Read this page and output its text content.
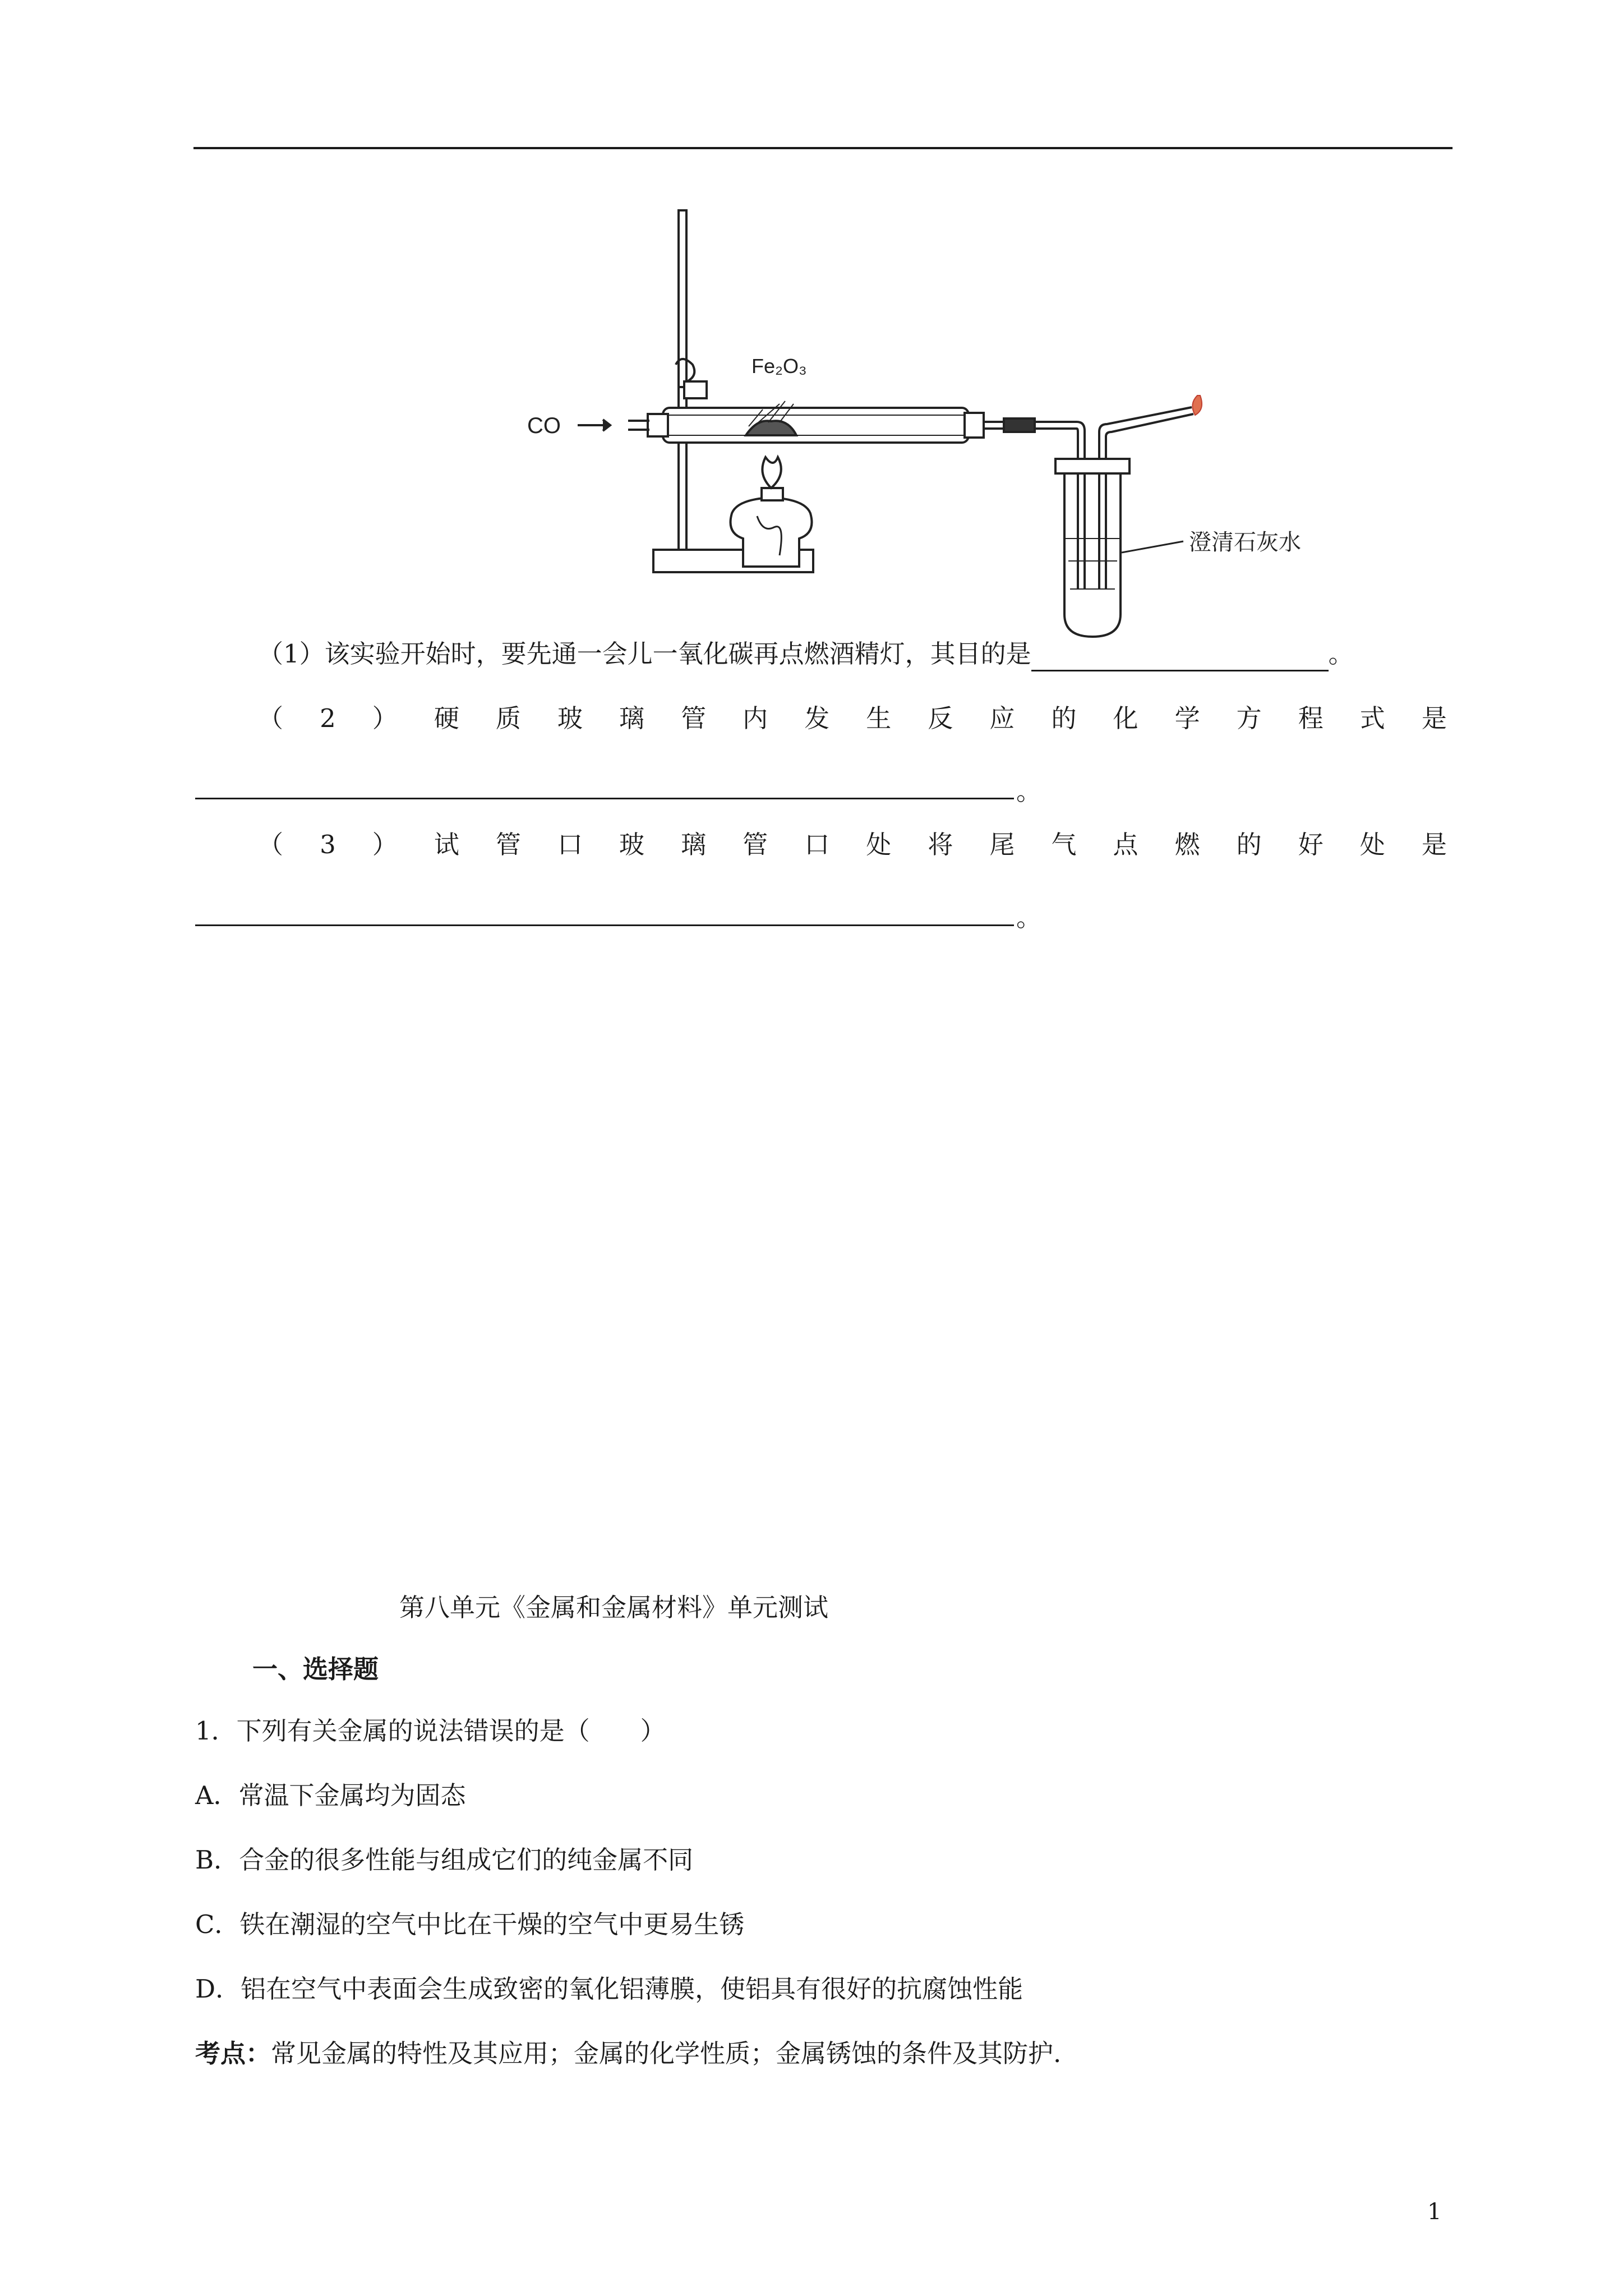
CO
Fe₂O₃
澄清石灰水
（1）该实验开始时，要先通一会儿一氧化碳再点燃酒精灯，其目的是	。
（ 2 ） 硬 质 玻 璃 管 内 发 生 反 应 的 化 学 方 程 式 是
。
（ 3 ） 试 管 口 玻 璃 管 口 处 将 尾 气 点 燃 的 好 处 是
。
第八单元《金属和金属材料》单元测试
一、选择题
1．下列有关金属的说法错误的是（　　）
A．常温下金属均为固态
B．合金的很多性能与组成它们的纯金属不同
C．铁在潮湿的空气中比在干燥的空气中更易生锈
D．铝在空气中表面会生成致密的氧化铝薄膜，使铝具有很好的抗腐蚀性能
考点：常见金属的特性及其应用；金属的化学性质；金属锈蚀的条件及其防护.
1
